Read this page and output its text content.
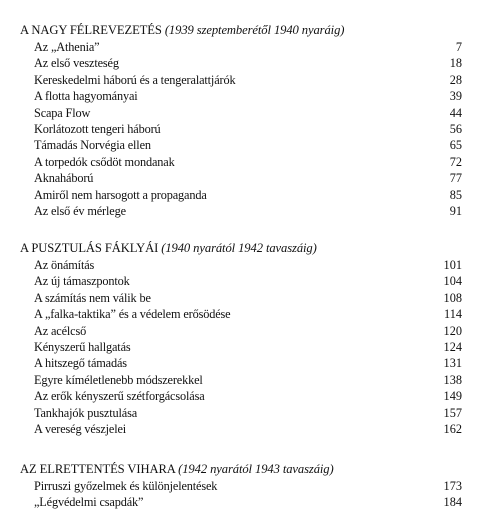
A NAGY FÉLREVEZETÉS (1939 szeptemberétől 1940 nyaráig)
Az „Athenia”	7
Az első veszteség	18
Kereskedelmi háború és a tengeralattjárók	28
A flotta hagyományai	39
Scapa Flow	44
Korlátozott tengeri háború	56
Támadás Norvégia ellen	65
A torpedók csődöt mondanak	72
Aknaháború	77
Amiről nem harsogott a propaganda	85
Az első év mérlege	91
A PUSZTULÁS FÁKLYÁI (1940 nyarától 1942 tavaszáig)
Az önámítás	101
Az új támaszpontok	104
A számítás nem válik be	108
A „falka-taktika” és a védelem erősödése	114
Az acélcső	120
Kényszerű hallgatás	124
A hitszegő támadás	131
Egyre kíméletlenebb módszerekkel	138
Az erők kényszerű szétforgácsolása	149
Tankhajók pusztulása	157
A vereség vészjelei	162
AZ ELRETTENTÉS VIHARA (1942 nyarától 1943 tavaszáig)
Pirruszi győzelmek és különjelentések	173
„Légvédelmi csapdák”	184
